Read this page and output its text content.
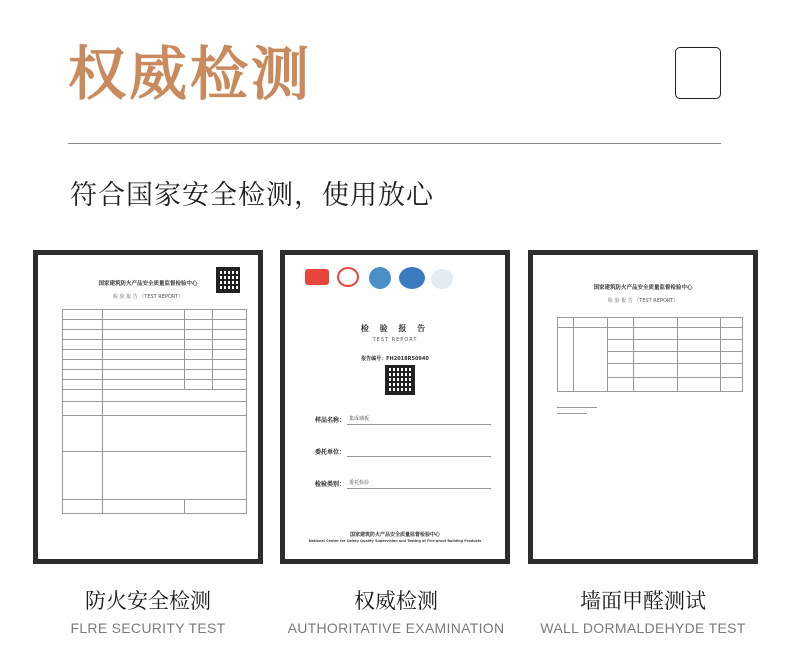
权威检测
符合国家安全检测，使用放心
国家建筑防火产品安全质量监督检验中心
检 验 报 告 （TEST REPORT）

检 验 报 告
TEST REPORT
报告编号：FH2018R50940
样品名称： 集成墙板
委托单位：
检验类别： 委托检验
国家建筑防火产品安全质量监督检验中心
National Center for Safety Quality Supervision and Testing of Fire-proof Building Products
国家建筑防火产品安全质量监督检验中心
检 验 报 告 （TEST REPORT）

防火安全检测
FLRE SECURITY TEST
权威检测
AUTHORITATIVE EXAMINATION
墙面甲醛测试
WALL DORMALDEHYDE TEST
